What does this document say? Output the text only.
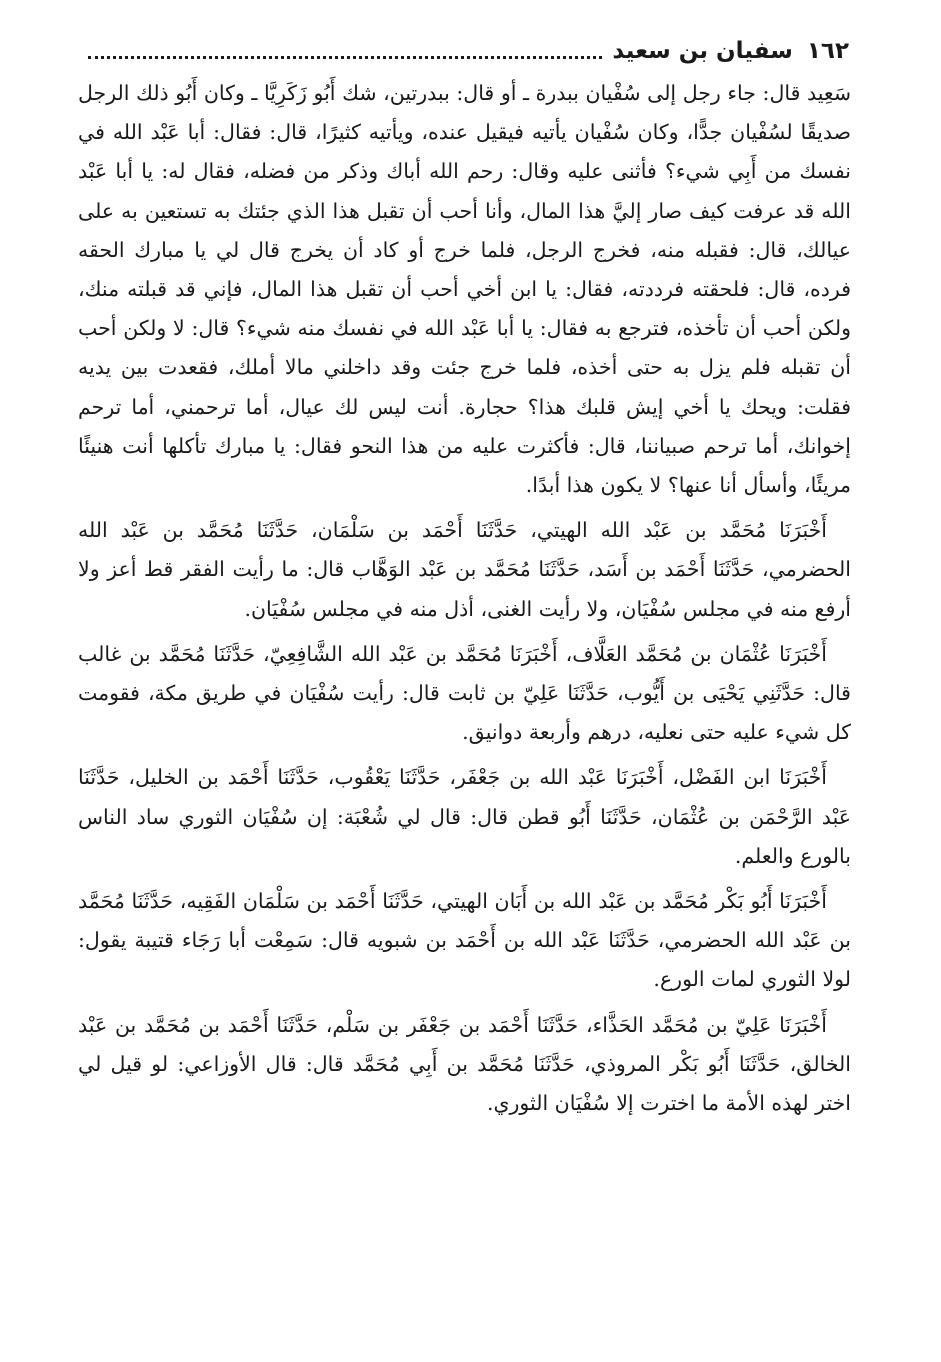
١٦٢
سفيان بن سعيد

سَعِيد قال: جاء رجل إلى سُفْيان ببدرة ـ أو قال: ببدرتين، شك أَبُو زَكَرِيَّا ـ وكان أَبُو ذلك الرجل صديقًا لسُفْيان جدًّا، وكان سُفْيان يأتيه فيقيل عنده، ويأتيه كثيرًا، قال: فقال: أبا عَبْد الله في نفسك من أَبِي شيء؟ فأثنى عليه وقال: رحم الله أباك وذكر من فضله، فقال له: يا أبا عَبْد الله قد عرفت كيف صار إليَّ هذا المال، وأنا أحب أن تقبل هذا الذي جئتك به تستعين به على عيالك، قال: فقبله منه، فخرج الرجل، فلما خرج أو كاد أن يخرج قال لي يا مبارك الحقه فرده، قال: فلحقته فرددته، فقال: يا ابن أخي أحب أن تقبل هذا المال، فإني قد قبلته منك، ولكن أحب أن تأخذه، فترجع به فقال: يا أبا عَبْد الله في نفسك منه شيء؟ قال: لا ولكن أحب أن تقبله فلم يزل به حتى أخذه، فلما خرج جئت وقد داخلني مالا أملك، فقعدت بين يديه فقلت: ويحك يا أخي إيش قلبك هذا؟ حجارة. أنت ليس لك عيال، أما ترحمني، أما ترحم إخوانك، أما ترحم صبياننا، قال: فأكثرت عليه من هذا النحو فقال: يا مبارك تأكلها أنت هنيئًا مريئًا، وأسأل أنا عنها؟ لا يكون هذا أبدًا.

أَخْبَرَنَا مُحَمَّد بن عَبْد الله الهيتي، حَدَّثَنَا أَحْمَد بن سَلْمَان، حَدَّثَنَا مُحَمَّد بن عَبْد الله الحضرمي، حَدَّثَنَا أَحْمَد بن أَسَد، حَدَّثَنَا مُحَمَّد بن عَبْد الوَهَّاب قال: ما رأيت الفقر قط أعز ولا أرفع منه في مجلس سُفْيَان، ولا رأيت الغنى، أذل منه في مجلس سُفْيَان.

أَخْبَرَنَا عُثْمَان بن مُحَمَّد العَلَّاف، أَخْبَرَنَا مُحَمَّد بن عَبْد الله الشَّافِعِيّ، حَدَّثَنَا مُحَمَّد بن غالب قال: حَدَّثَنِي يَحْيَى بن أَيُّوب، حَدَّثَنَا عَلِيّ بن ثابت قال: رأيت سُفْيَان في طريق مكة، فقومت كل شيء عليه حتى نعليه، درهم وأربعة دوانيق.

أَخْبَرَنَا ابن الفَضْل، أَخْبَرَنَا عَبْد الله بن جَعْفَر، حَدَّثَنَا يَعْقُوب، حَدَّثَنَا أَحْمَد بن الخليل، حَدَّثَنَا عَبْد الرَّحْمَن بن عُثْمَان، حَدَّثَنَا أَبُو قطن قال: قال لي شُعْبَة: إن سُفْيَان الثوري ساد الناس بالورع والعلم.

أَخْبَرَنَا أَبُو بَكْر مُحَمَّد بن عَبْد الله بن أَبَان الهيتي، حَدَّثَنَا أَحْمَد بن سَلْمَان الفَقِيه، حَدَّثَنَا مُحَمَّد بن عَبْد الله الحضرمي، حَدَّثَنَا عَبْد الله بن أَحْمَد بن شبويه قال: سَمِعْت أبا رَجَاء قتيبة يقول: لولا الثوري لمات الورع.

أَخْبَرَنَا عَلِيّ بن مُحَمَّد الحَذَّاء، حَدَّثَنَا أَحْمَد بن جَعْفَر بن سَلْم، حَدَّثَنَا أَحْمَد بن مُحَمَّد بن عَبْد الخالق، حَدَّثَنَا أَبُو بَكْر المروذي، حَدَّثَنَا مُحَمَّد بن أَبِي مُحَمَّد قال: قال الأوزاعي: لو قيل لي اختر لهذه الأمة ما اخترت إلا سُفْيَان الثوري.
